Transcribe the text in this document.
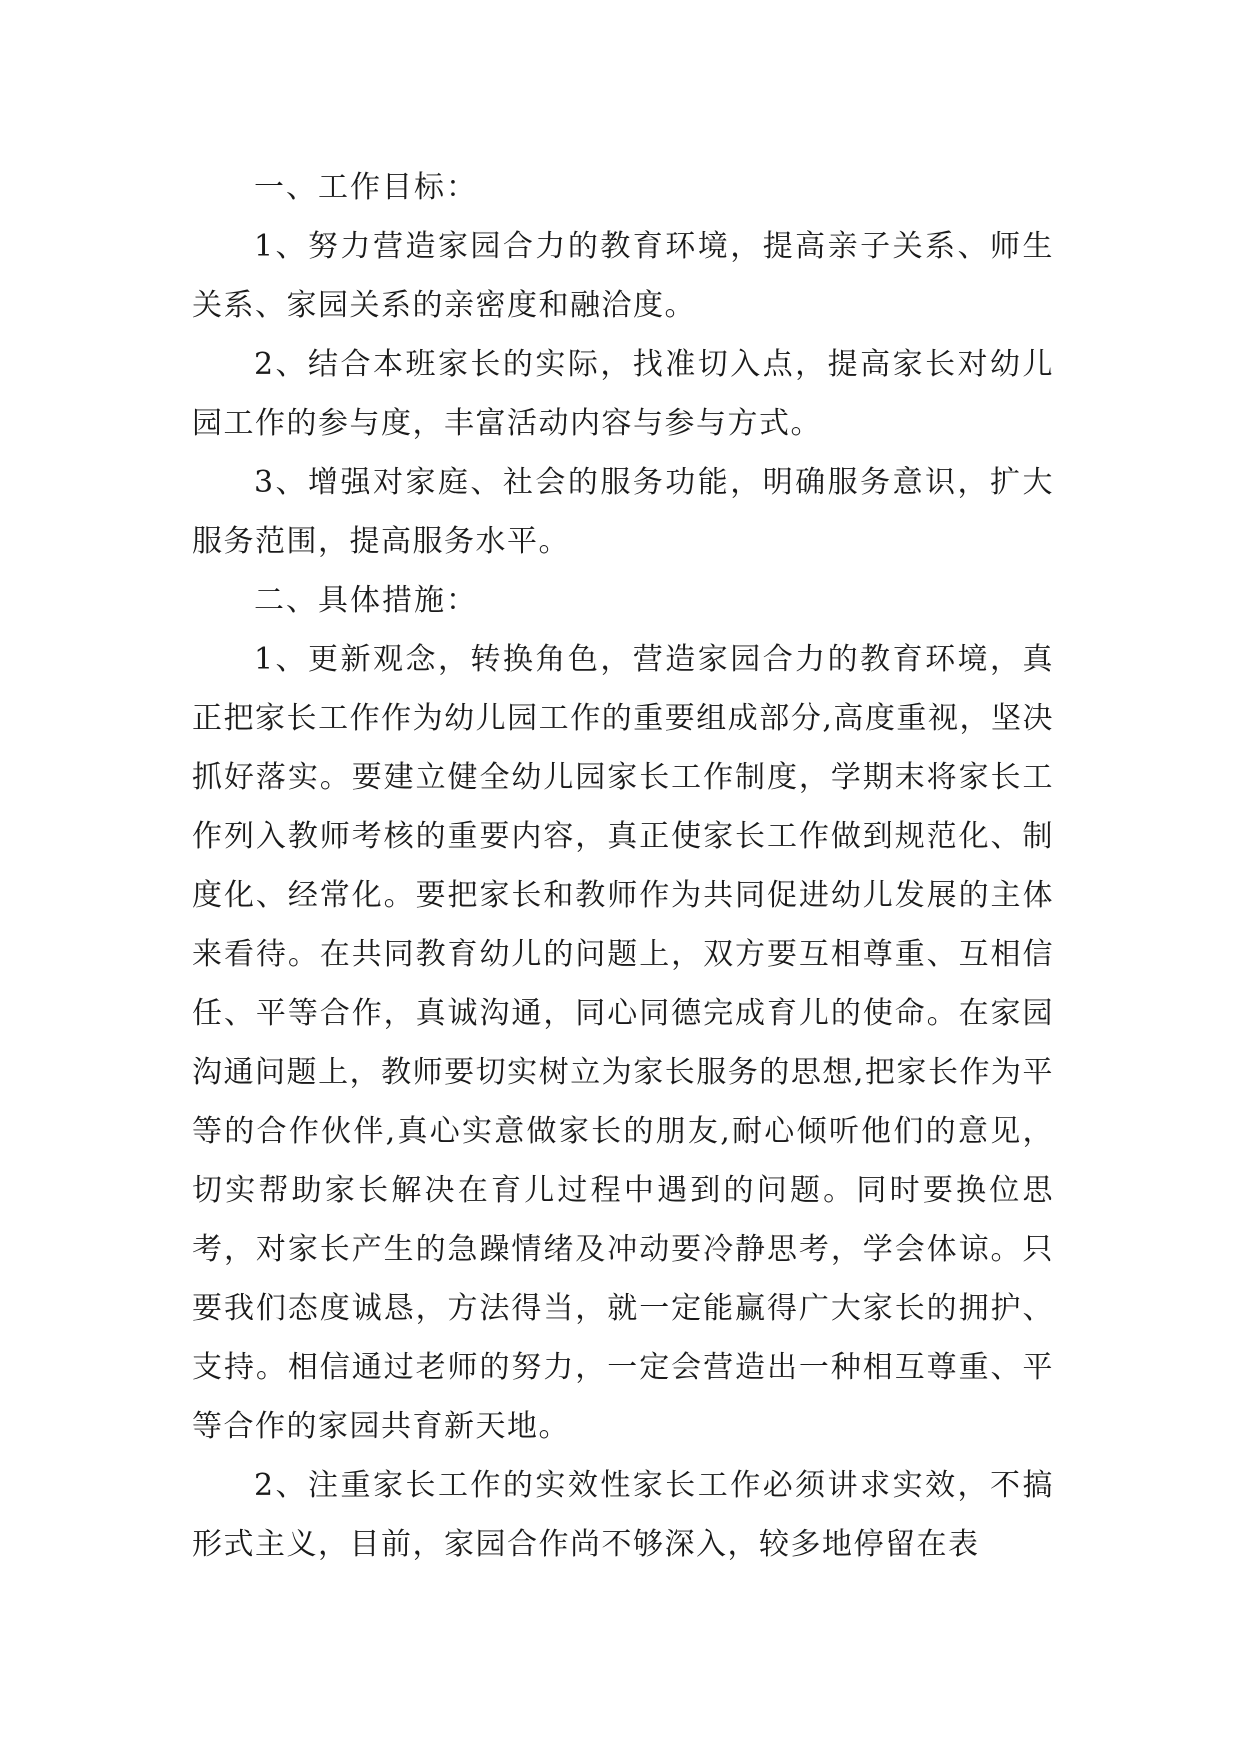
一、工作目标：

1、努力营造家园合力的教育环境，提高亲子关系、师生关系、家园关系的亲密度和融洽度。

2、结合本班家长的实际，找准切入点，提高家长对幼儿园工作的参与度，丰富活动内容与参与方式。

3、增强对家庭、社会的服务功能，明确服务意识，扩大服务范围，提高服务水平。

二、具体措施：

1、更新观念，转换角色，营造家园合力的教育环境，真正把家长工作作为幼儿园工作的重要组成部分,高度重视，坚决抓好落实。要建立健全幼儿园家长工作制度，学期末将家长工作列入教师考核的重要内容，真正使家长工作做到规范化、制度化、经常化。要把家长和教师作为共同促进幼儿发展的主体来看待。在共同教育幼儿的问题上，双方要互相尊重、互相信任、平等合作，真诚沟通，同心同德完成育儿的使命。在家园沟通问题上，教师要切实树立为家长服务的思想,把家长作为平等的合作伙伴,真心实意做家长的朋友,耐心倾听他们的意见，切实帮助家长解决在育儿过程中遇到的问题。同时要换位思考，对家长产生的急躁情绪及冲动要冷静思考，学会体谅。只要我们态度诚恳，方法得当，就一定能赢得广大家长的拥护、支持。相信通过老师的努力，一定会营造出一种相互尊重、平等合作的家园共育新天地。

2、注重家长工作的实效性家长工作必须讲求实效，不搞形式主义，目前，家园合作尚不够深入，较多地停留在表
